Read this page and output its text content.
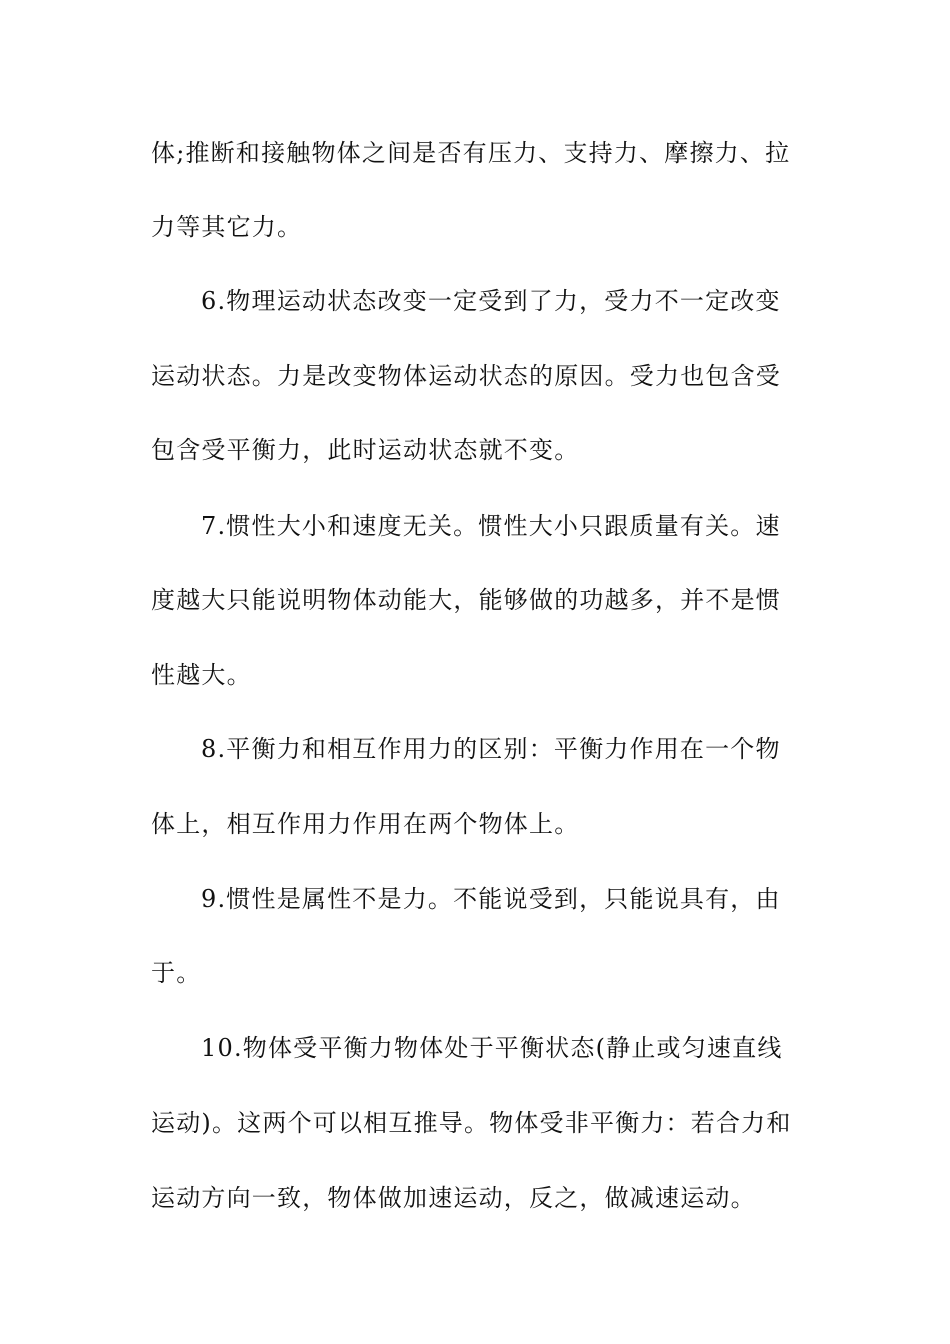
体;推断和接触物体之间是否有压力、支持力、摩擦力、拉
力等其它力。
6.物理运动状态改变一定受到了力，受力不一定改变
运动状态。力是改变物体运动状态的原因。受力也包含受
包含受平衡力，此时运动状态就不变。
7.惯性大小和速度无关。惯性大小只跟质量有关。速
度越大只能说明物体动能大，能够做的功越多，并不是惯
性越大。
8.平衡力和相互作用力的区别：平衡力作用在一个物
体上，相互作用力作用在两个物体上。
9.惯性是属性不是力。不能说受到，只能说具有，由
于。
10.物体受平衡力物体处于平衡状态(静止或匀速直线
运动)。这两个可以相互推导。物体受非平衡力：若合力和
运动方向一致，物体做加速运动，反之，做减速运动。
